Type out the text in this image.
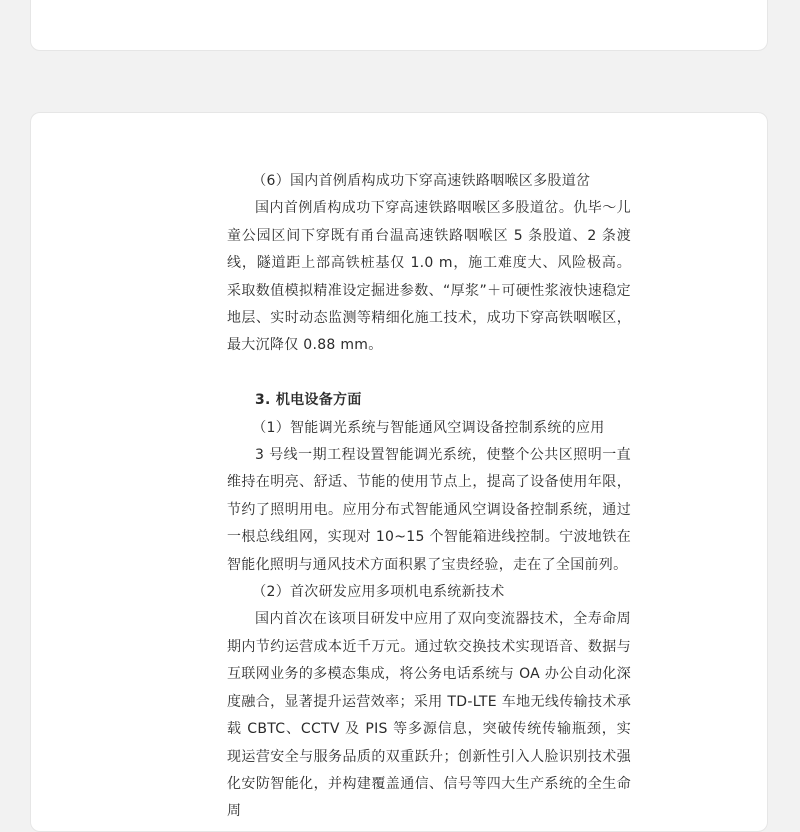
（6）国内首例盾构成功下穿高速铁路咽喉区多股道岔

国内首例盾构成功下穿高速铁路咽喉区多股道岔。仇毕～儿童公园区间下穿既有甬台温高速铁路咽喉区 5 条股道、2 条渡线，隧道距上部高铁桩基仅 1.0 m，施工难度大、风险极高。采取数值模拟精准设定掘进参数、“厚浆”＋可硬性浆液快速稳定地层、实时动态监测等精细化施工技术，成功下穿高铁咽喉区，最大沉降仅 0.88 mm。

3. 机电设备方面

（1）智能调光系统与智能通风空调设备控制系统的应用

3 号线一期工程设置智能调光系统，使整个公共区照明一直维持在明亮、舒适、节能的使用节点上，提高了设备使用年限，节约了照明用电。应用分布式智能通风空调设备控制系统，通过一根总线组网，实现对 10~15 个智能箱进线控制。宁波地铁在智能化照明与通风技术方面积累了宝贵经验，走在了全国前列。

（2）首次研发应用多项机电系统新技术

国内首次在该项目研发中应用了双向变流器技术，全寿命周期内节约运营成本近千万元。通过软交换技术实现语音、数据与互联网业务的多模态集成，将公务电话系统与 OA 办公自动化深度融合，显著提升运营效率；采用 TD-LTE 车地无线传输技术承载 CBTC、CCTV 及 PIS 等多源信息，突破传统传输瓶颈，实现运营安全与服务品质的双重跃升；创新性引入人脸识别技术强化安防智能化，并构建覆盖通信、信号等四大生产系统的全生命周
